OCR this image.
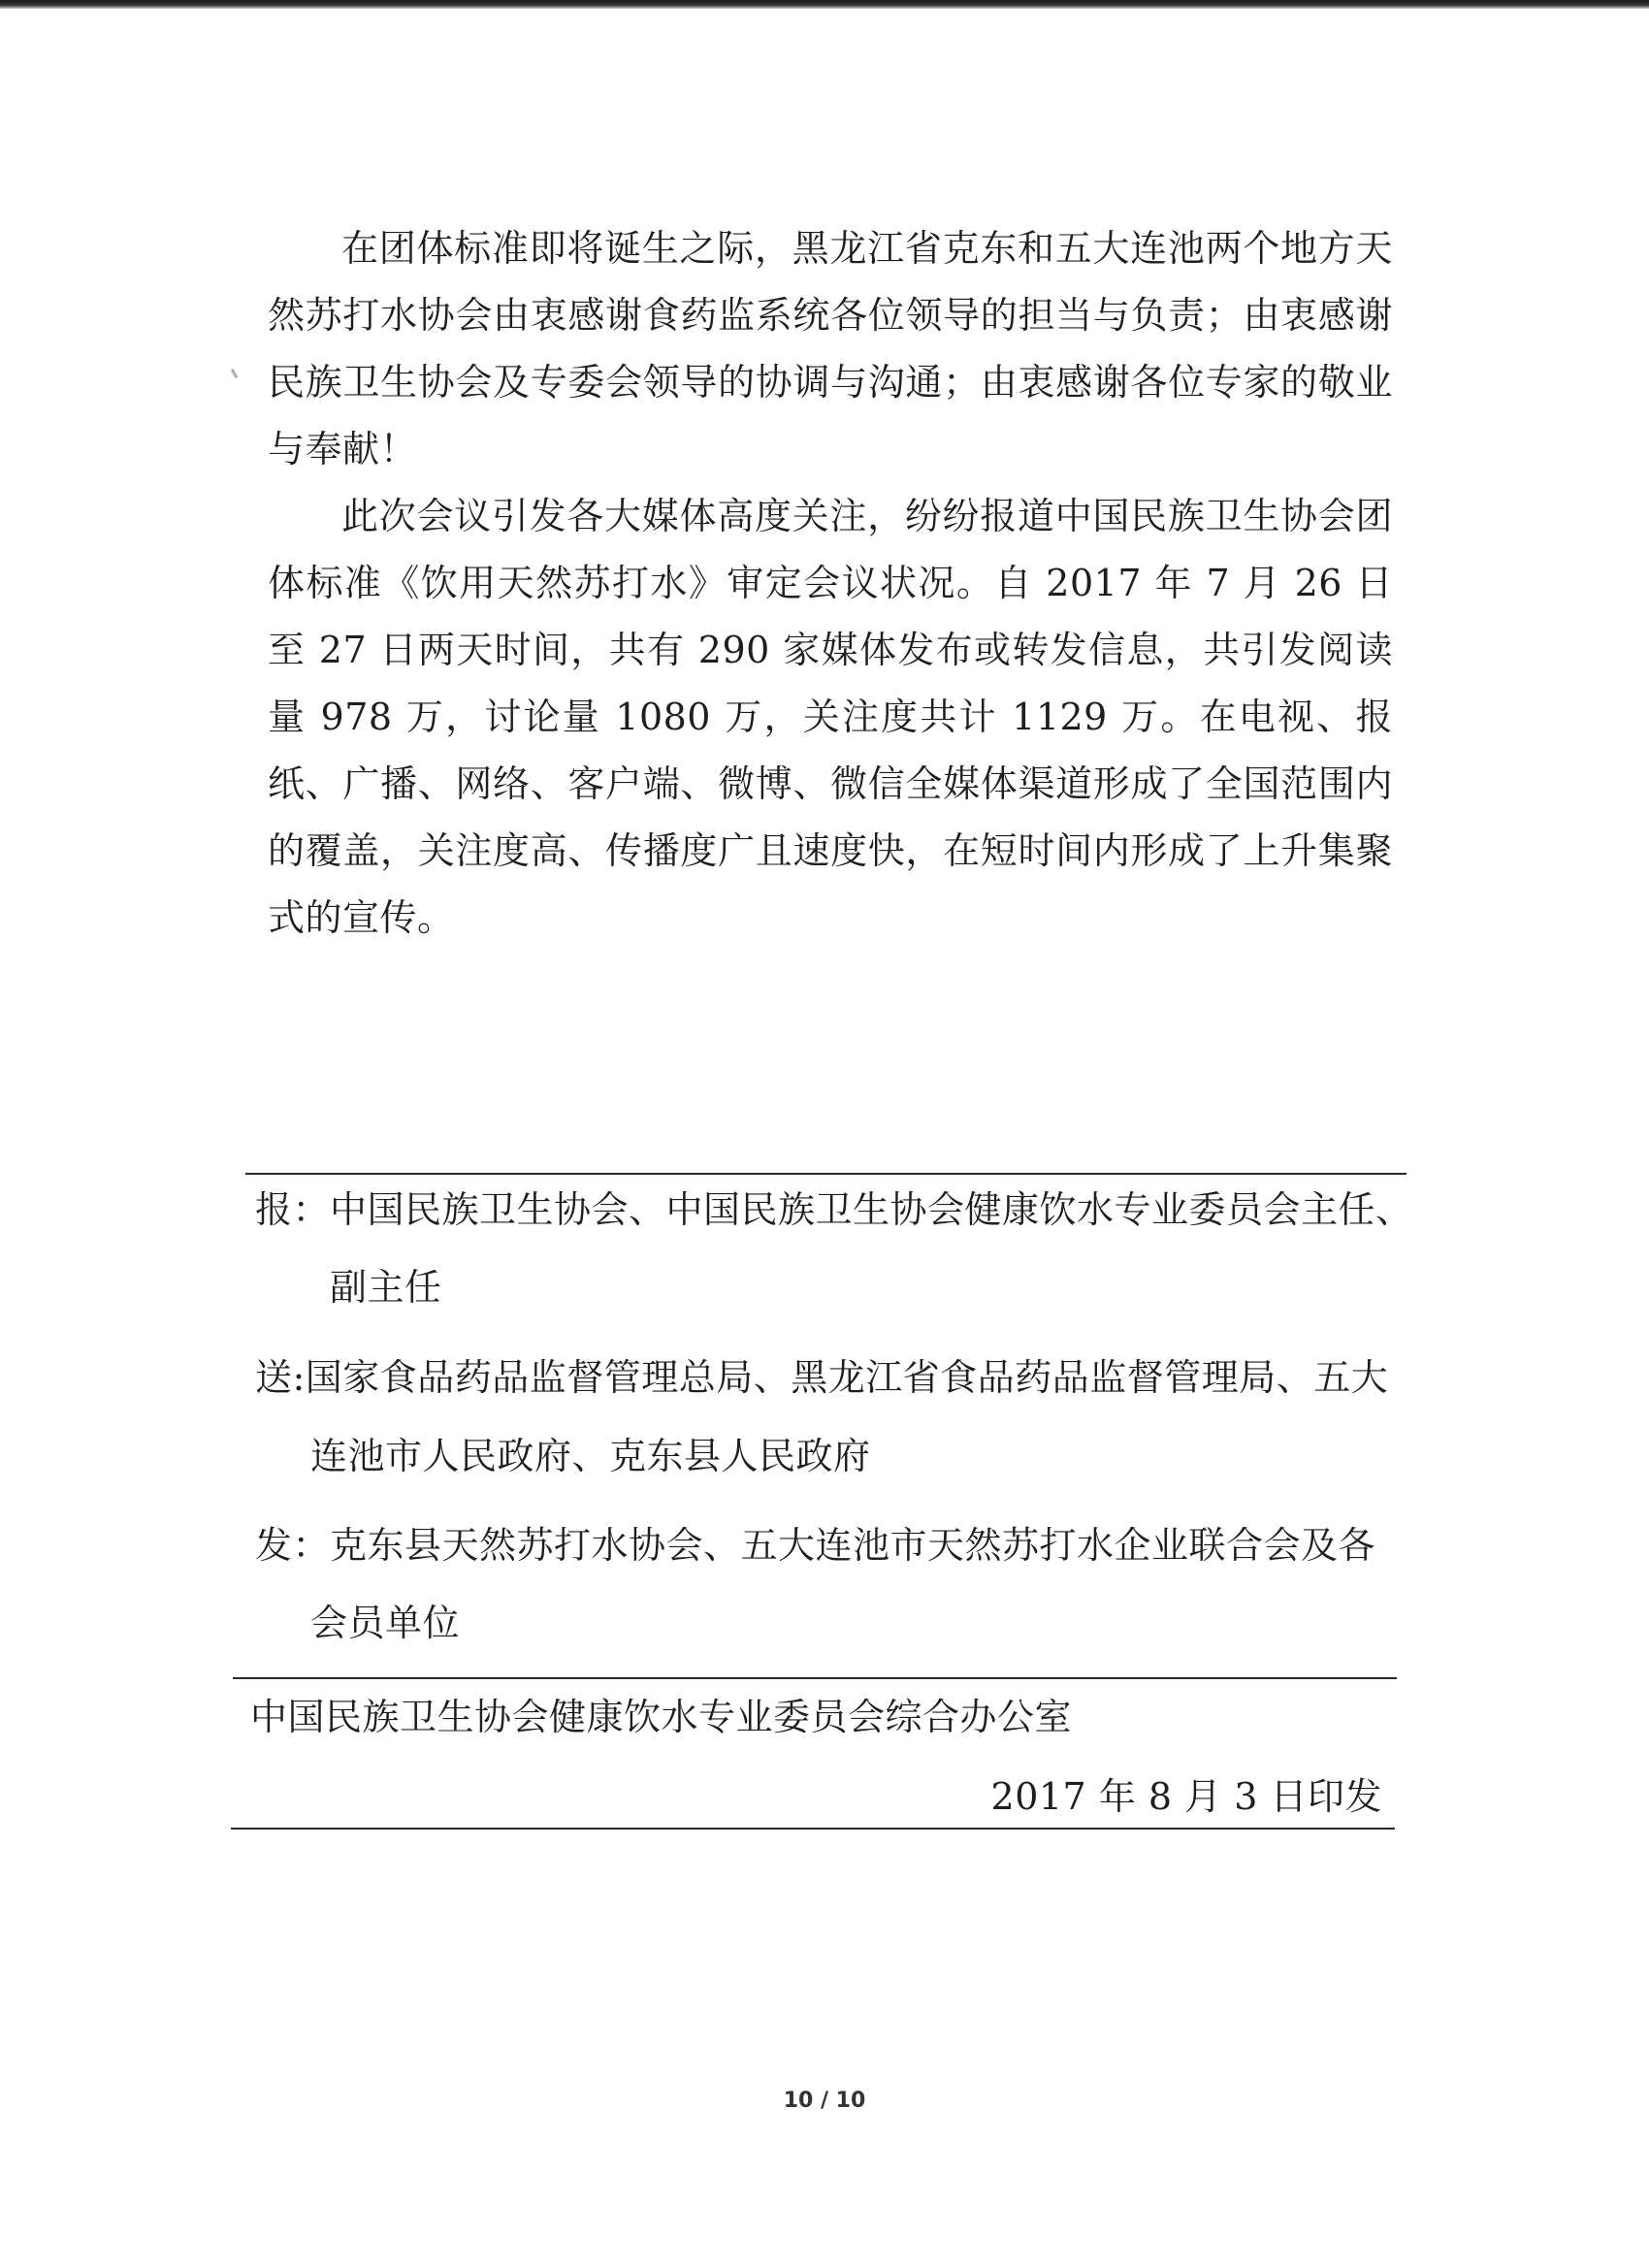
在团体标准即将诞生之际，黑龙江省克东和五大连池两个地方天然苏打水协会由衷感谢食药监系统各位领导的担当与负责；由衷感谢民族卫生协会及专委会领导的协调与沟通；由衷感谢各位专家的敬业与奉献！

此次会议引发各大媒体高度关注，纷纷报道中国民族卫生协会团体标准《饮用天然苏打水》审定会议状况。自 2017 年 7 月 26 日至 27 日两天时间，共有 290 家媒体发布或转发信息，共引发阅读量 978 万，讨论量 1080 万，关注度共计 1129 万。在电视、报纸、广播、网络、客户端、微博、微信全媒体渠道形成了全国范围内的覆盖，关注度高、传播度广且速度快，在短时间内形成了上升集聚式的宣传。

报：中国民族卫生协会、中国民族卫生协会健康饮水专业委员会主任、
副主任
送:国家食品药品监督管理总局、黑龙江省食品药品监督管理局、五大
连池市人民政府、克东县人民政府
发：克东县天然苏打水协会、五大连池市天然苏打水企业联合会及各
会员单位
中国民族卫生协会健康饮水专业委员会综合办公室
2017 年 8 月 3 日印发
10 / 10
